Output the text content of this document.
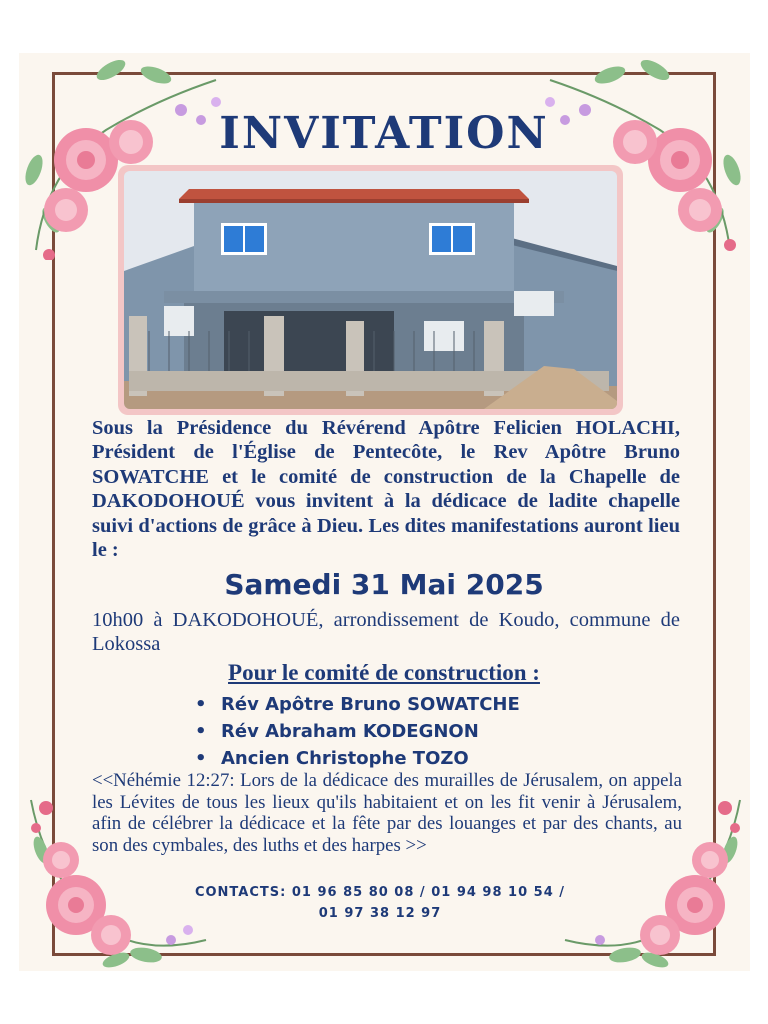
INVITATION

Sous la Présidence du Révérend Apôtre Felicien HOLACHI, Président de l'Église de Pentecôte, le Rev Apôtre Bruno SOWATCHE et le comité de construction de la Chapelle de DAKODOHOUÉ vous invitent à la dédicace de ladite chapelle suivi d'actions de grâce à Dieu. Les dites manifestations auront lieu le :

Samedi 31 Mai 2025

10h00 à DAKODOHOUÉ, arrondissement de Koudo, commune de Lokossa

Pour le comité de construction :
• Rév Apôtre Bruno SOWATCHE
• Rév Abraham KODEGNON
• Ancien Christophe TOZO

<<Néhémie 12:27: Lors de la dédicace des murailles de Jérusalem, on appela les Lévites de tous les lieux qu'ils habitaient et on les fit venir à Jérusalem, afin de célébrer la dédicace et la fête par des louanges et par des chants, au son des cymbales, des luths et des harpes >>

CONTACTS: 01 96 85 80 08 / 01 94 98 10 54 /
01 97 38 12 97
